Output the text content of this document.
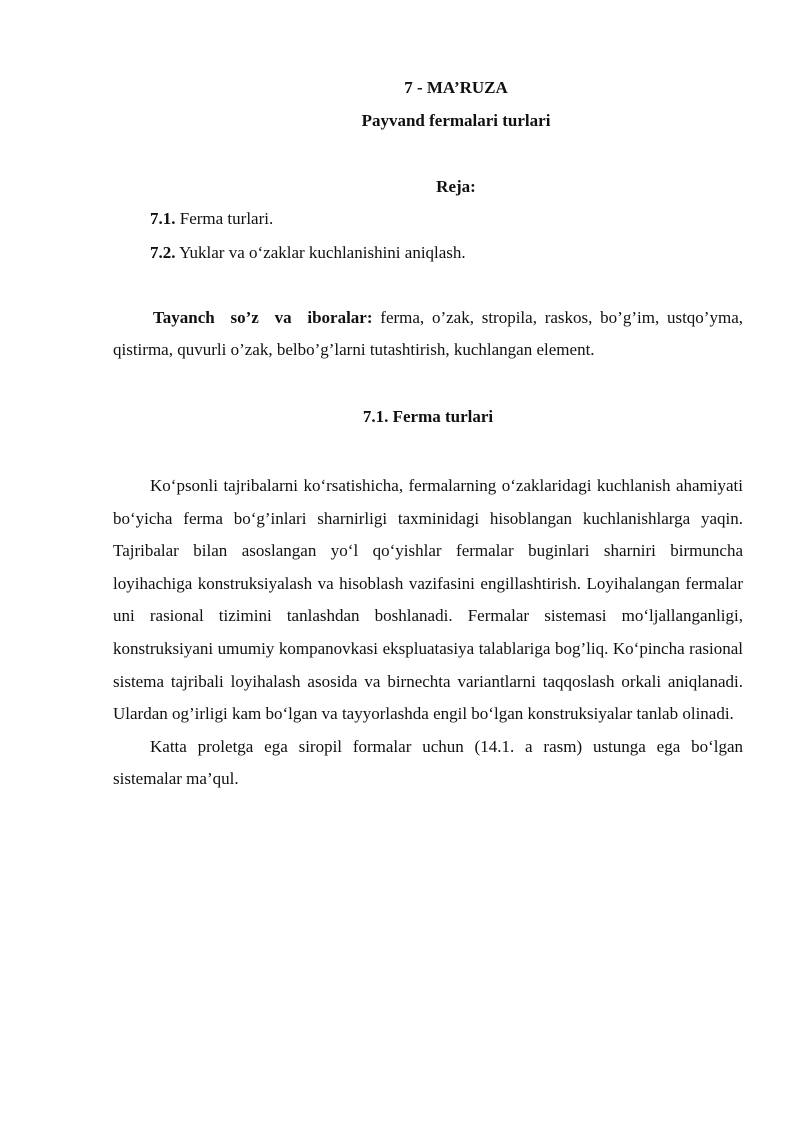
7 - MA’RUZA
Payvand fermalari turlari
Reja:
7.1. Ferma turlari.
7.2. Yuklar va o‘zaklar kuchlanishini aniqlash.

Tayanch so’z va iboralar: ferma, o’zak, stropila, raskos, bo’g’im, ustqo’yma, qistirma, quvurli o’zak, belbo’g’larni tutashtirish, kuchlangan element.

7.1. Ferma turlari

Ko‘psonli tajribalarni ko‘rsatishicha, fermalarning o‘zaklaridagi kuchlanish ahamiyati bo‘yicha ferma bo‘g’inlari sharnirligi taxminidagi hisoblangan kuchlanishlarga yaqin. Tajribalar bilan asoslangan yo‘l qo‘yishlar fermalar buginlari sharniri birmuncha loyihachiga konstruksiyalash va hisoblash vazifasini engillashtirish. Loyihalangan fermalar uni rasional tizimini tanlashdan boshlanadi. Fermalar sistemasi mo‘ljallanganligi, konstruksiyani umumiy kompanovkasi ekspluatasiya talablariga bog’liq. Ko‘pincha rasional sistema tajribali loyihalash asosida va birnechta variantlarni taqqoslash orkali aniqlanadi. Ulardan og’irligi kam bo‘lgan va tayyorlashda engil bo‘lgan konstruksiyalar tanlab olinadi.

Katta proletga ega siropil formalar uchun (14.1. a rasm) ustunga ega bo‘lgan sistemalar ma’qul.
